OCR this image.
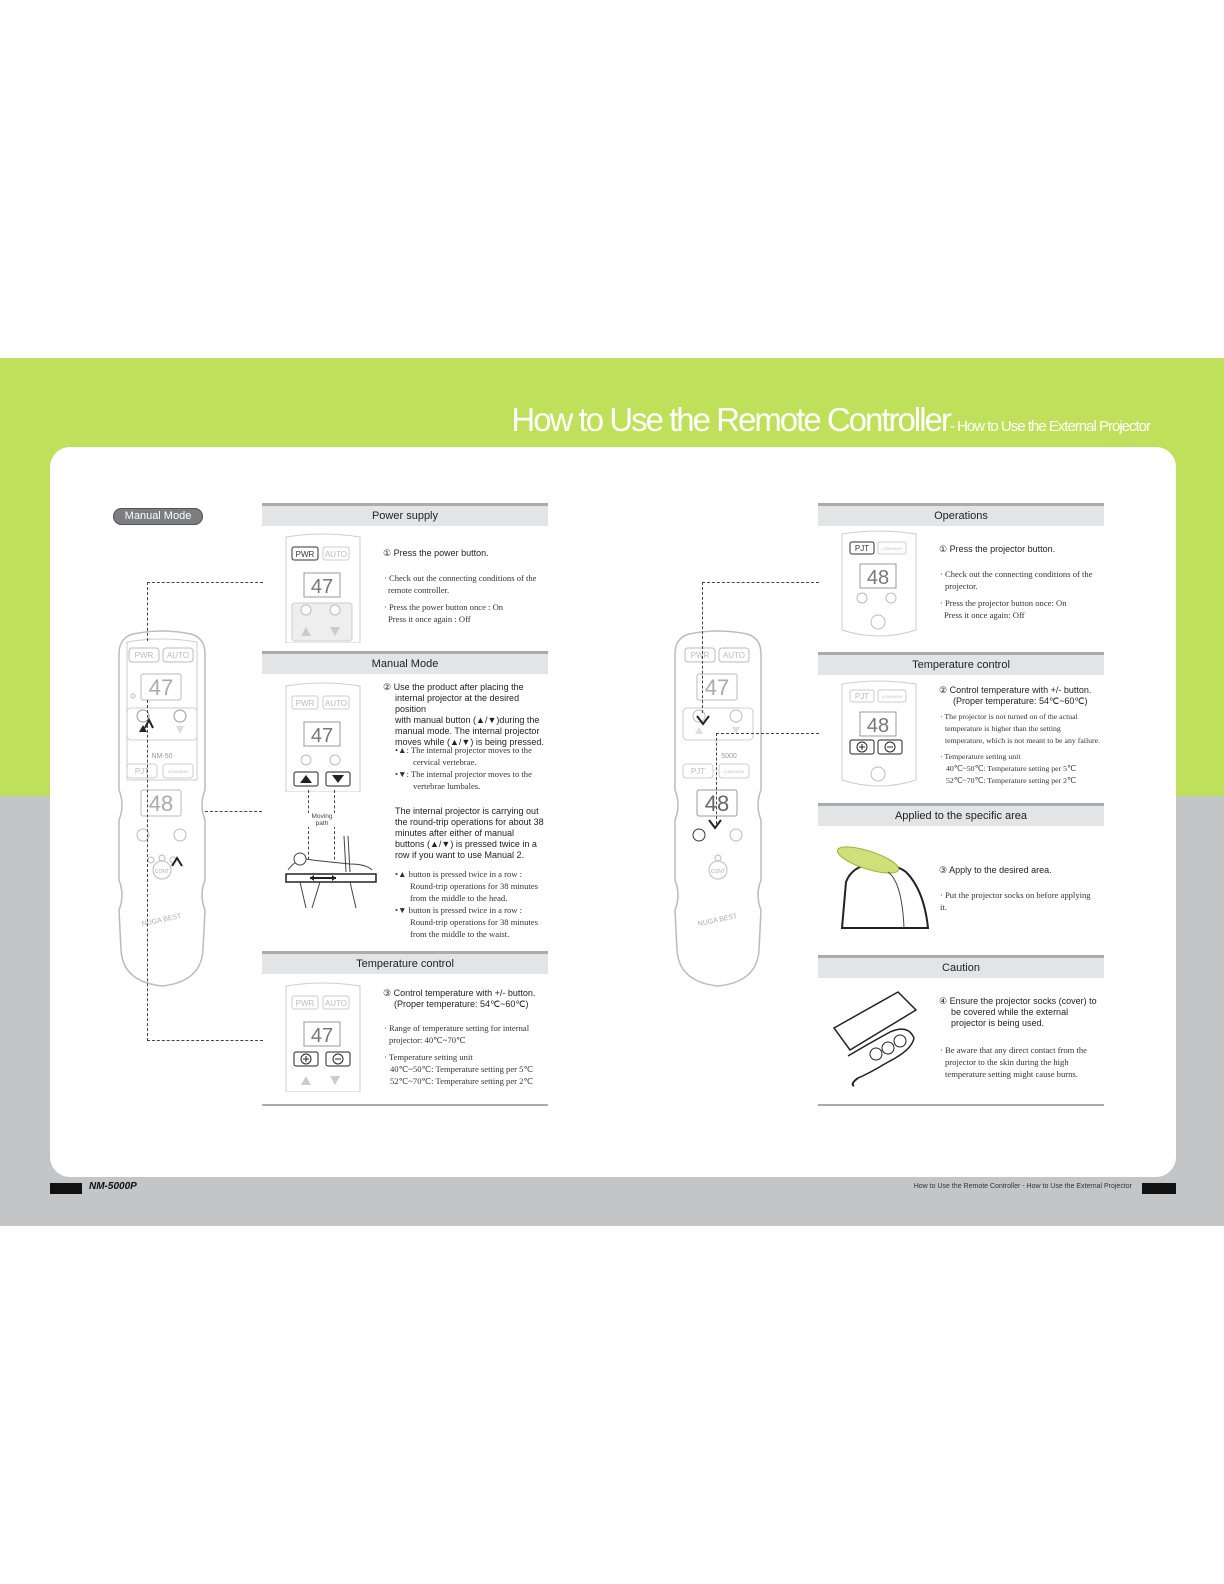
How to Use the Remote Controller- How to Use the External Projector
NM-5000P	How to Use the Remote Controller - How to Use the External Projector
Manual Mode
PWR AUTO
47
NM-50
PJT	LOW/HIGH
48
CONT
NUGA BEST
Power supply
PWR AUTO
47
① Press the power button.
· Check out the connecting conditions of the
remote controller.
· Press the power button once : On
Press it once again : Off
Manual Mode
PWR AUTO
47
Moving
path
② Use the product after placing the
internal projector at the desired position
with manual button (▲/▼)during the
manual mode. The internal projector
moves while (▲/▼) is being pressed.

•▲: The internal projector moves to the

cervical vertebrae.

•▼: The internal projector moves to the

vertebrae lumbales.

The internal projector is carrying out
the round-trip operations for about 38
minutes after either of manual
buttons (▲/▼) is pressed twice in a
row if you want to use Manual 2.

•▲ button is pressed twice in a row :

Round-trip operations for 38 minutes

from the middle to the head.

•▼ button is pressed twice in a row :

Round-trip operations for 38 minutes

from the middle to the waist.

Temperature control
PWR AUTO
47
③ Control temperature with +/- button.
(Proper temperature: 54℃~60℃)
· Range of temperature setting for internal
projector: 40℃~70℃
· Temperature setting unit
40℃~50℃: Temperature setting per 5℃
52℃~70℃: Temperature setting per 2℃
PWR AUTO
47
5000
PJT	LOW/HIGH
48
CONT
NUGA BEST
Operations
PJT	LOW/HIGH
48
① Press the projector button.
· Check out the connecting conditions of the
projector.
· Press the projector button once: On
Press it once again: Off
Temperature control
PJT	LOW/HIGH
48
② Control temperature with +/- button.
(Proper temperature: 54℃~60℃)
· The projector is not turned on of the actual
temperature is higher than the setting
temperature, which is not meant to be any failure.
· Temperature setting unit
40℃~50℃: Temperature setting per 5℃
52℃~70℃: Temperature setting per 2℃
Applied to the specific area
③ Apply to the desired area.
· Put the projector socks on before applying
it.
Caution
④ Ensure the projector socks (cover) to
be covered while the external
projector is being used.
· Be aware that any direct contact from the
projector to the skin during the high
temperature setting might cause burns.
